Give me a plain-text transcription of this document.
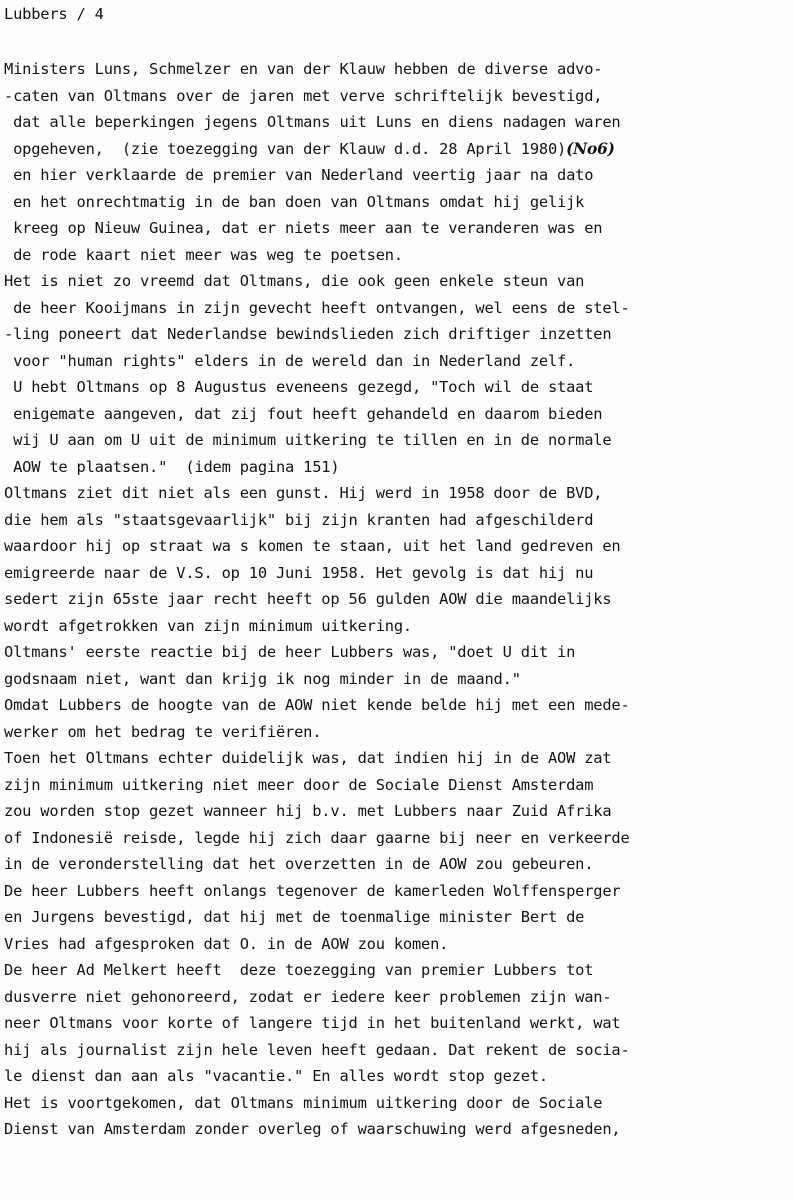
Lubbers / 4
Ministers Luns, Schmelzer en van der Klauw hebben de diverse advo-
-caten van Oltmans over de jaren met verve schriftelijk bevestigd,
dat alle beperkingen jegens Oltmans uit Luns en diens nadagen waren
opgeheven,  (zie toezegging van der Klauw d.d. 28 April 1980)(No6)
en hier verklaarde de premier van Nederland veertig jaar na dato
en het onrechtmatig in de ban doen van Oltmans omdat hij gelijk
kreeg op Nieuw Guinea, dat er niets meer aan te veranderen was en
de rode kaart niet meer was weg te poetsen.
Het is niet zo vreemd dat Oltmans, die ook geen enkele steun van
de heer Kooijmans in zijn gevecht heeft ontvangen, wel eens de stel-
-ling poneert dat Nederlandse bewindslieden zich driftiger inzetten
voor "human rights" elders in de wereld dan in Nederland zelf.
U hebt Oltmans op 8 Augustus eveneens gezegd, "Toch wil de staat
enigemate aangeven, dat zij fout heeft gehandeld en daarom bieden
wij U aan om U uit de minimum uitkering te tillen en in de normale
AOW te plaatsen."  (idem pagina 151)
Oltmans ziet dit niet als een gunst. Hij werd in 1958 door de BVD,
die hem als "staatsgevaarlijk" bij zijn kranten had afgeschilderd
waardoor hij op straat wa s komen te staan, uit het land gedreven en
emigreerde naar de V.S. op 10 Juni 1958. Het gevolg is dat hij nu
sedert zijn 65ste jaar recht heeft op 56 gulden AOW die maandelijks
wordt afgetrokken van zijn minimum uitkering.
Oltmans' eerste reactie bij de heer Lubbers was, "doet U dit in
godsnaam niet, want dan krijg ik nog minder in de maand."
Omdat Lubbers de hoogte van de AOW niet kende belde hij met een mede-
werker om het bedrag te verifiëren.
Toen het Oltmans echter duidelijk was, dat indien hij in de AOW zat
zijn minimum uitkering niet meer door de Sociale Dienst Amsterdam
zou worden stop gezet wanneer hij b.v. met Lubbers naar Zuid Afrika
of Indonesië reisde, legde hij zich daar gaarne bij neer en verkeerde
in de veronderstelling dat het overzetten in de AOW zou gebeuren.
De heer Lubbers heeft onlangs tegenover de kamerleden Wolffensperger
en Jurgens bevestigd, dat hij met de toenmalige minister Bert de
Vries had afgesproken dat O. in de AOW zou komen.
De heer Ad Melkert heeft  deze toezegging van premier Lubbers tot
dusverre niet gehonoreerd, zodat er iedere keer problemen zijn wan-
neer Oltmans voor korte of langere tijd in het buitenland werkt, wat
hij als journalist zijn hele leven heeft gedaan. Dat rekent de socia-
le dienst dan aan als "vacantie." En alles wordt stop gezet.
Het is voortgekomen, dat Oltmans minimum uitkering door de Sociale
Dienst van Amsterdam zonder overleg of waarschuwing werd afgesneden,
